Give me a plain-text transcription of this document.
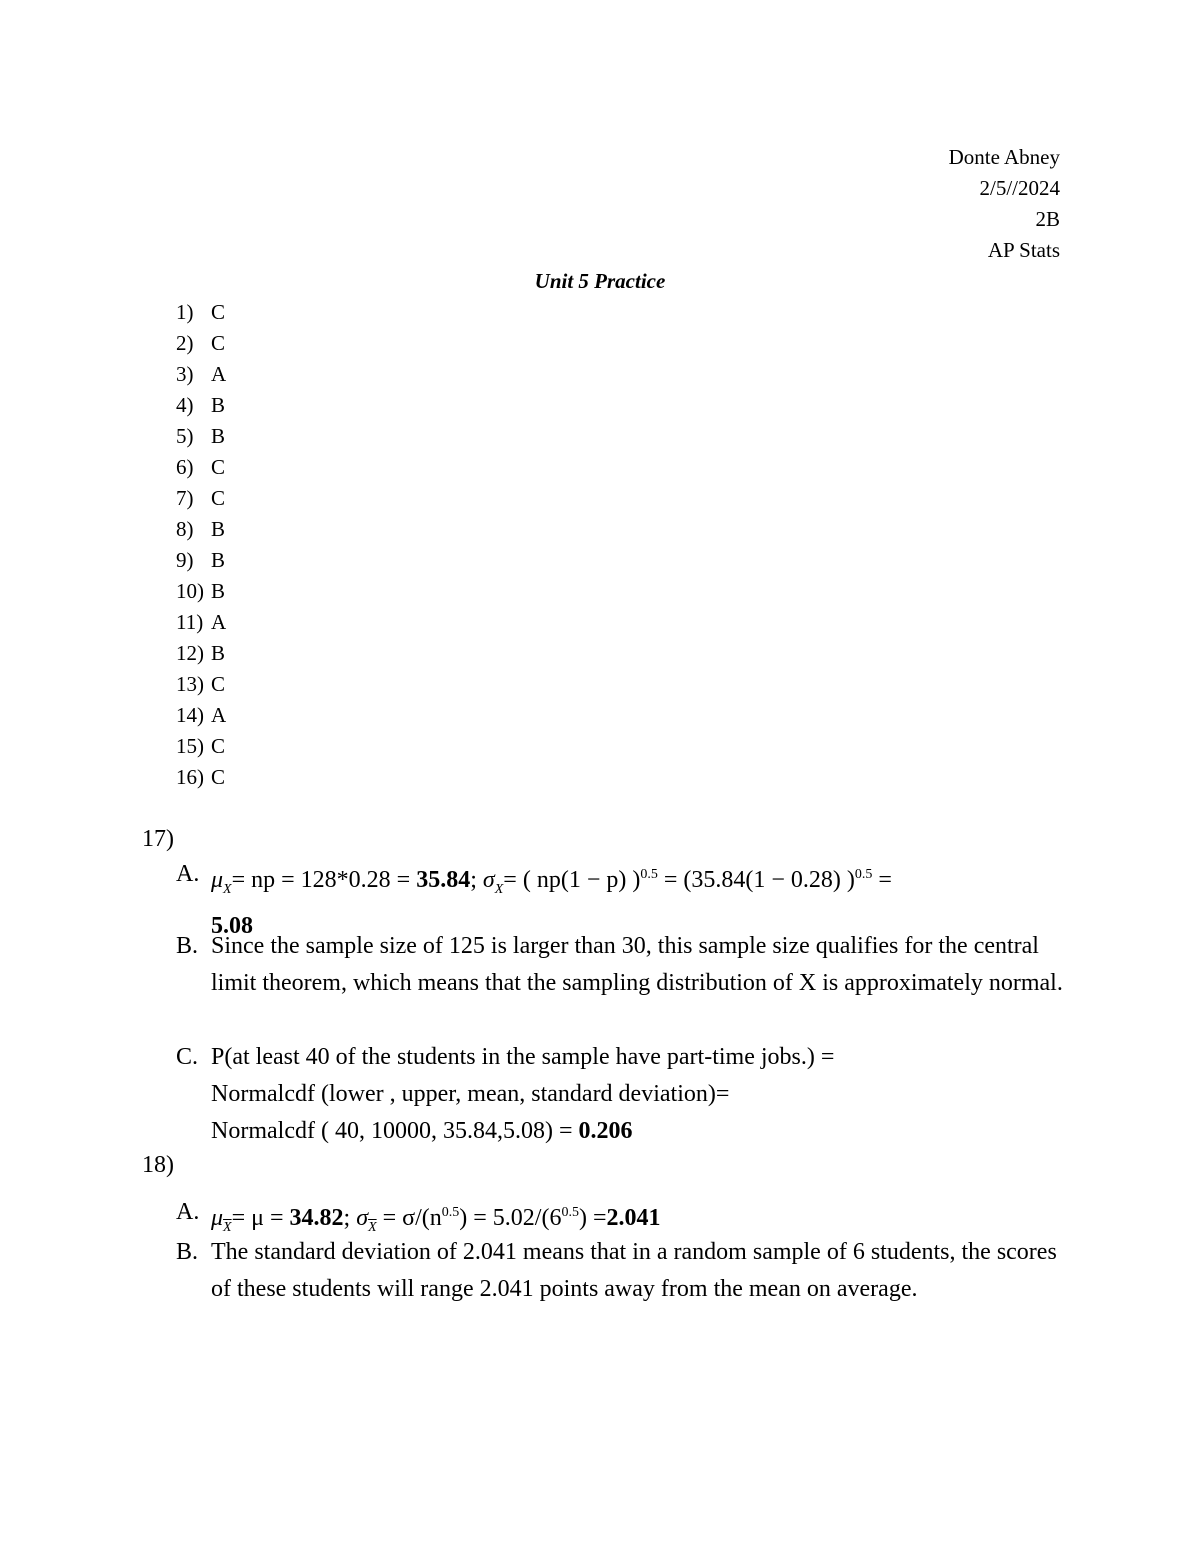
Donte Abney
2/5//2024
2B
AP Stats
Unit 5 Practice
1) C
2) C
3) A
4) B
5) B
6) C
7) C
8) B
9) B
10) B
11) A
12) B
13) C
14) A
15) C
16) C
17)
A. $\mu_X=$ np = 128*0.28 = 35.84; $\sigma_X=$ ( np(1 − p) )$^{0.5}$ = (35.84(1 − 0.28) )$^{0.5}$ =
5.08
B. Since the sample size of 125 is larger than 30, this sample size qualifies for the central limit theorem, which means that the sampling distribution of X is approximately normal.
C. P(at least 40 of the students in the sample have part-time jobs.) =
Normalcdf (lower , upper, mean, standard deviation)=
Normalcdf ( 40, 10000, 35.84,5.08) = 0.206
18)
A. $\mu_{\overline{X}}= \mu = 34.82$; $\sigma_{\overline{X}} = \sigma/(n^{0.5}) = 5.02/(6^{0.5}) =2.041$
B. The standard deviation of 2.041 means that in a random sample of 6 students, the scores of these students will range 2.041 points away from the mean on average.
